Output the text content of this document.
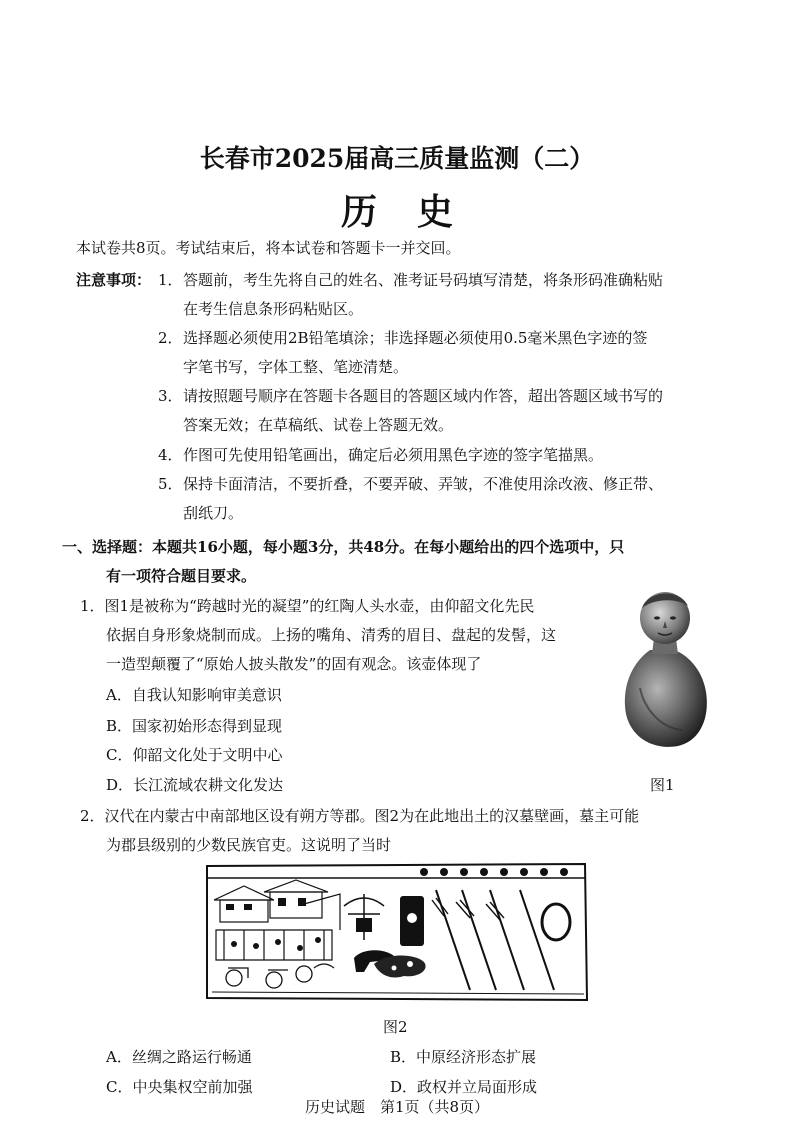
长春市2025届高三质量监测（二）
历史
本试卷共8页。考试结束后，将本试卷和答题卡一并交回。
注意事项： 1． 答题前，考生先将自己的姓名、准考证号码填写清楚，将条形码准确粘贴
在考生信息条形码粘贴区。
2． 选择题必须使用2B铅笔填涂；非选择题必须使用0.5毫米黑色字迹的签
字笔书写，字体工整、笔迹清楚。
3． 请按照题号顺序在答题卡各题目的答题区域内作答，超出答题区域书写的
答案无效；在草稿纸、试卷上答题无效。
4． 作图可先使用铅笔画出，确定后必须用黑色字迹的签字笔描黑。
5． 保持卡面清洁，不要折叠，不要弄破、弄皱，不准使用涂改液、修正带、
刮纸刀。
一、选择题：本题共16小题，每小题3分，共48分。在每小题给出的四个选项中，只
有一项符合题目要求。
1．图1是被称为“跨越时光的凝望”的红陶人头水壶，由仰韶文化先民
依据自身形象烧制而成。上扬的嘴角、清秀的眉目、盘起的发髻，这
一造型颠覆了“原始人披头散发”的固有观念。该壶体现了
A．自我认知影响审美意识
B．国家初始形态得到显现
C．仰韶文化处于文明中心
D．长江流域农耕文化发达	图1
2．汉代在内蒙古中南部地区设有朔方等郡。图2为在此地出土的汉墓壁画，墓主可能
为郡县级别的少数民族官吏。这说明了当时
图2
A．丝绸之路运行畅通	B．中原经济形态扩展
C．中央集权空前加强	D．政权并立局面形成
历史试题　第1页（共8页）
